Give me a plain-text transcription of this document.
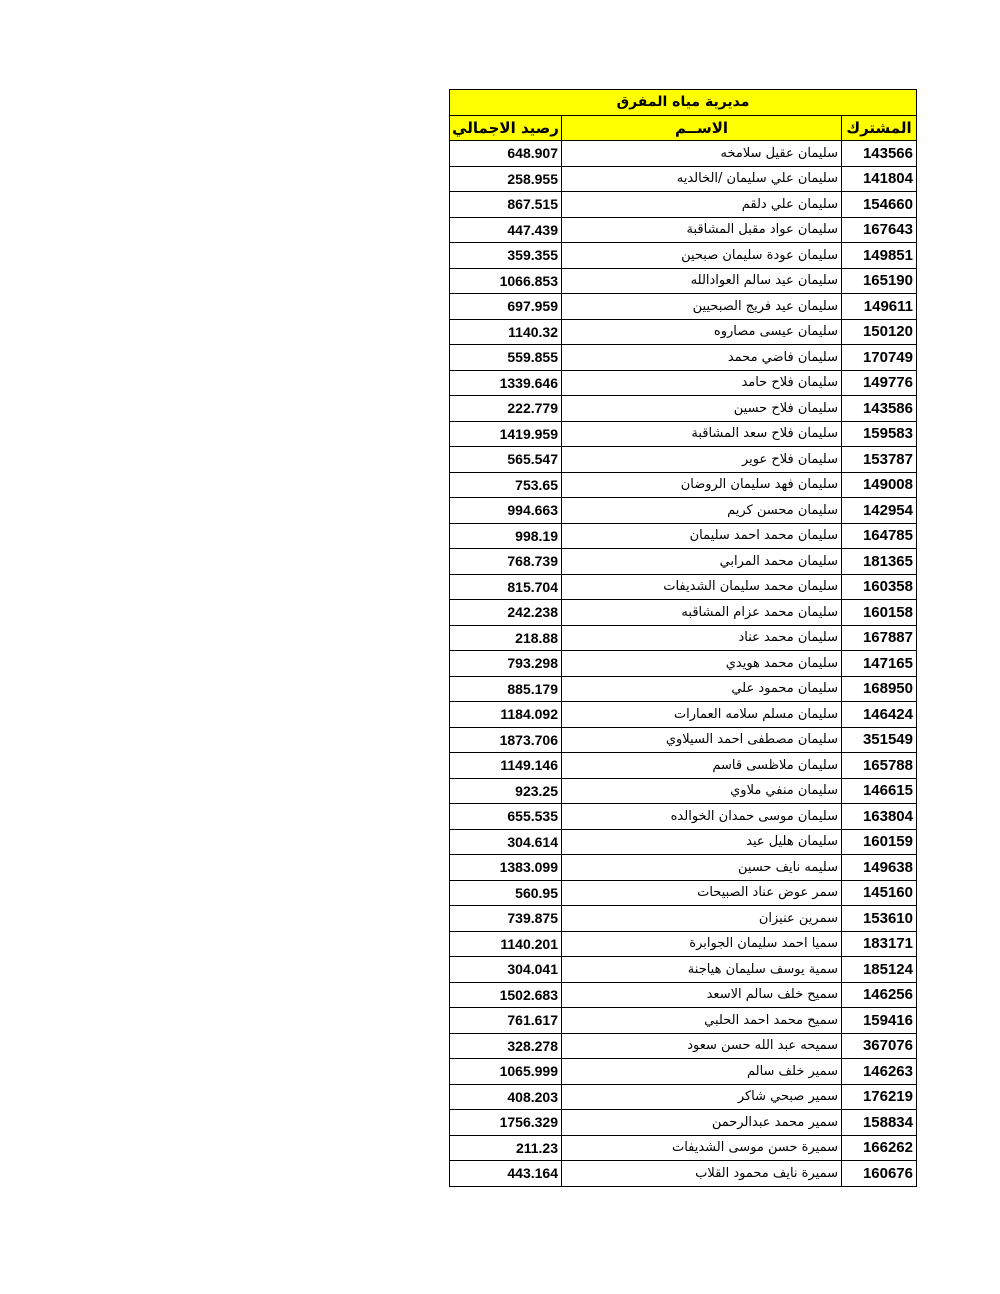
مديرية مياه المفرق		
رصيد الاجمالي	الاســم	المشترك
648.907	سليمان عقيل سلامخه	143566
258.955	سليمان علي سليمان /الخالديه	141804
867.515	سليمان علي دلقم	154660
447.439	سليمان عواد مقبل المشاقبة	167643
359.355	سليمان عودة سليمان صبحين	149851
1066.853	سليمان عيد سالم العوادالله	165190
697.959	سليمان عيد فريج الصبحيين	149611
1140.32	سليمان عيسى مصاروه	150120
559.855	سليمان فاضي محمد	170749
1339.646	سليمان فلاح حامد	149776
222.779	سليمان فلاح حسين	143586
1419.959	سليمان فلاح سعد المشاقبة	159583
565.547	سليمان فلاح عوير	153787
753.65	سليمان فهد سليمان الروضان	149008
994.663	سليمان محسن كريم	142954
998.19	سليمان محمد احمد سليمان	164785
768.739	سليمان محمد المرابي	181365
815.704	سليمان محمد سليمان الشديفات	160358
242.238	سليمان محمد عزام المشاقبه	160158
218.88	سليمان محمد عناد	167887
793.298	سليمان محمد هويدي	147165
885.179	سليمان محمود علي	168950
1184.092	سليمان مسلم سلامه العمارات	146424
1873.706	سليمان مصطفى احمد السيلاوي	351549
1149.146	سليمان ملاظسى قاسم	165788
923.25	سليمان منفي ملاوي	146615
655.535	سليمان موسى حمدان الخوالده	163804
304.614	سليمان هليل عيد	160159
1383.099	سليمه نايف حسين	149638
560.95	سمر عوض عناد الصبيحات	145160
739.875	سمرين عنيزان	153610
1140.201	سميا احمد سليمان الجوابرة	183171
304.041	سمية يوسف سليمان هياجنة	185124
1502.683	سميح خلف سالم الاسعد	146256
761.617	سميح محمد احمد الحلبي	159416
328.278	سميحه عبد الله حسن سعود	367076
1065.999	سمير خلف سالم	146263
408.203	سمير صبحي شاكر	176219
1756.329	سمير محمد عبدالرحمن	158834
211.23	سميرة حسن موسى الشديفات	166262
443.164	سميرة نايف محمود القلاب	160676
